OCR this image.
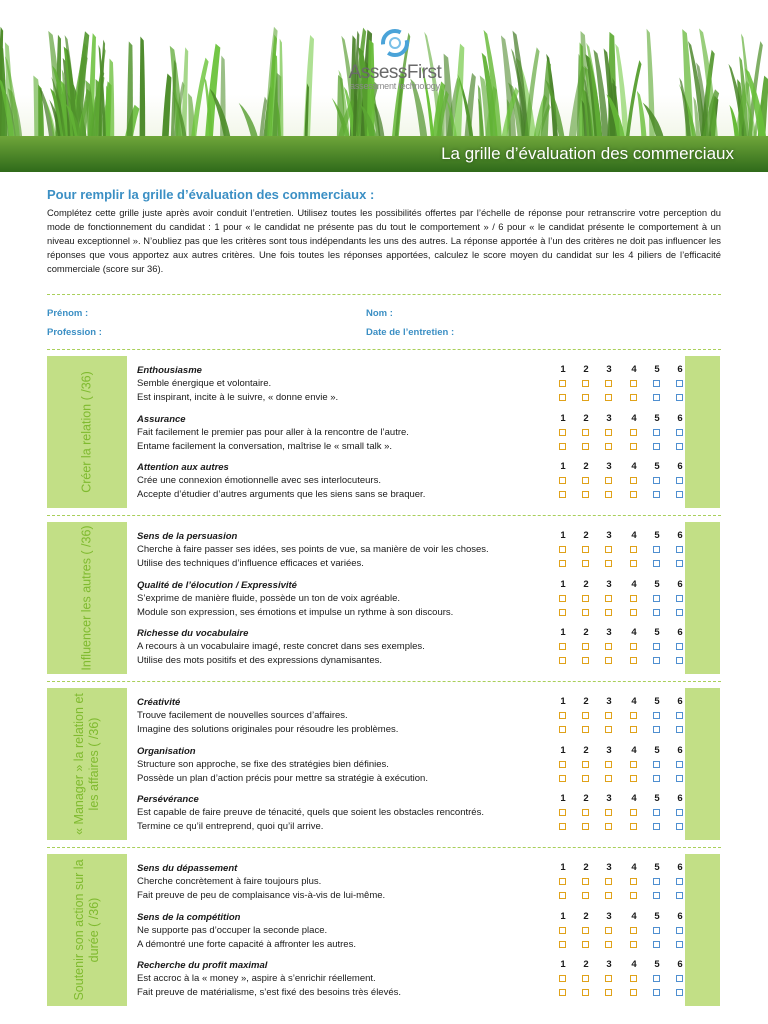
AssessFirst
assessment technology
La grille d’évaluation des commerciaux
Pour remplir la grille d’évaluation des commerciaux :
Complétez cette grille juste après avoir conduit l’entretien. Utilisez toutes les possibilités offertes par l’échelle de réponse pour retranscrire votre perception du mode de fonctionnement du candidat : 1 pour « le candidat ne présente pas du tout le comportement » / 6 pour « le candidat présente le comportement à un niveau exceptionnel ». N’oubliez pas que les critères sont tous indépendants les uns des autres. La réponse apportée à l’un des critères ne doit pas influencer les réponses que vous apportez aux autres critères. Une fois toutes les réponses apportées, calculez le score moyen du candidat sur les 4 piliers de l’efficacité commerciale (score sur 36).
Prénom :	Nom :
Profession :	Date de l’entretien :
Créer la relation ( /36)
Enthousiasme
Semble énergique et volontaire.
Est inspirant, incite à le suivre, « donne envie ».
1	2	3	4	5	6
Assurance
Fait facilement le premier pas pour aller à la rencontre de l’autre.
Entame facilement la conversation, maîtrise le « small talk ».
1	2	3	4	5	6
Attention aux autres
Crée une connexion émotionnelle avec ses interlocuteurs.
Accepte d’étudier d’autres arguments que les siens sans se braquer.
1	2	3	4	5	6
Influencer les autres ( /36)	Sens de la persuasion
Cherche à faire passer ses idées, ses points de vue, sa manière de voir les choses.
Utilise des techniques d’influence efficaces et variées.
1	2	3	4	5	6
Qualité de l’élocution / Expressivité
S’exprime de manière fluide, possède un ton de voix agréable.
Module son expression, ses émotions et impulse un rythme à son discours.
1	2	3	4	5	6
Richesse du vocabulaire
A recours à un vocabulaire imagé, reste concret dans ses exemples.
Utilise des mots positifs et des expressions dynamisantes.
1	2	3	4	5	6
« Manager » la relation et les affaires ( /36)
Créativité
Trouve facilement de nouvelles sources d’affaires.
Imagine des solutions originales pour résoudre les problèmes.
1	2	3	4	5	6
Organisation
Structure son approche, se fixe des stratégies bien définies.
Possède un plan d’action précis pour mettre sa stratégie à exécution.
1	2	3	4	5	6
Persévérance
Est capable de faire preuve de ténacité, quels que soient les obstacles rencontrés.
Termine ce qu’il entreprend, quoi qu’il arrive.
1	2	3	4	5	6
Soutenir son action sur la durée ( /36)
Sens du dépassement
Cherche concrètement à faire toujours plus.
Fait preuve de peu de complaisance vis-à-vis de lui-même.
1	2	3	4	5	6
Sens de la compétition
Ne supporte pas d’occuper la seconde place.
A démontré une forte capacité à affronter les autres.
1	2	3	4	5	6
Recherche du profit maximal
Est accroc à la « money », aspire à s’enrichir réellement.
Fait preuve de matérialisme, s’est fixé des besoins très élevés.
1	2	3	4	5	6
